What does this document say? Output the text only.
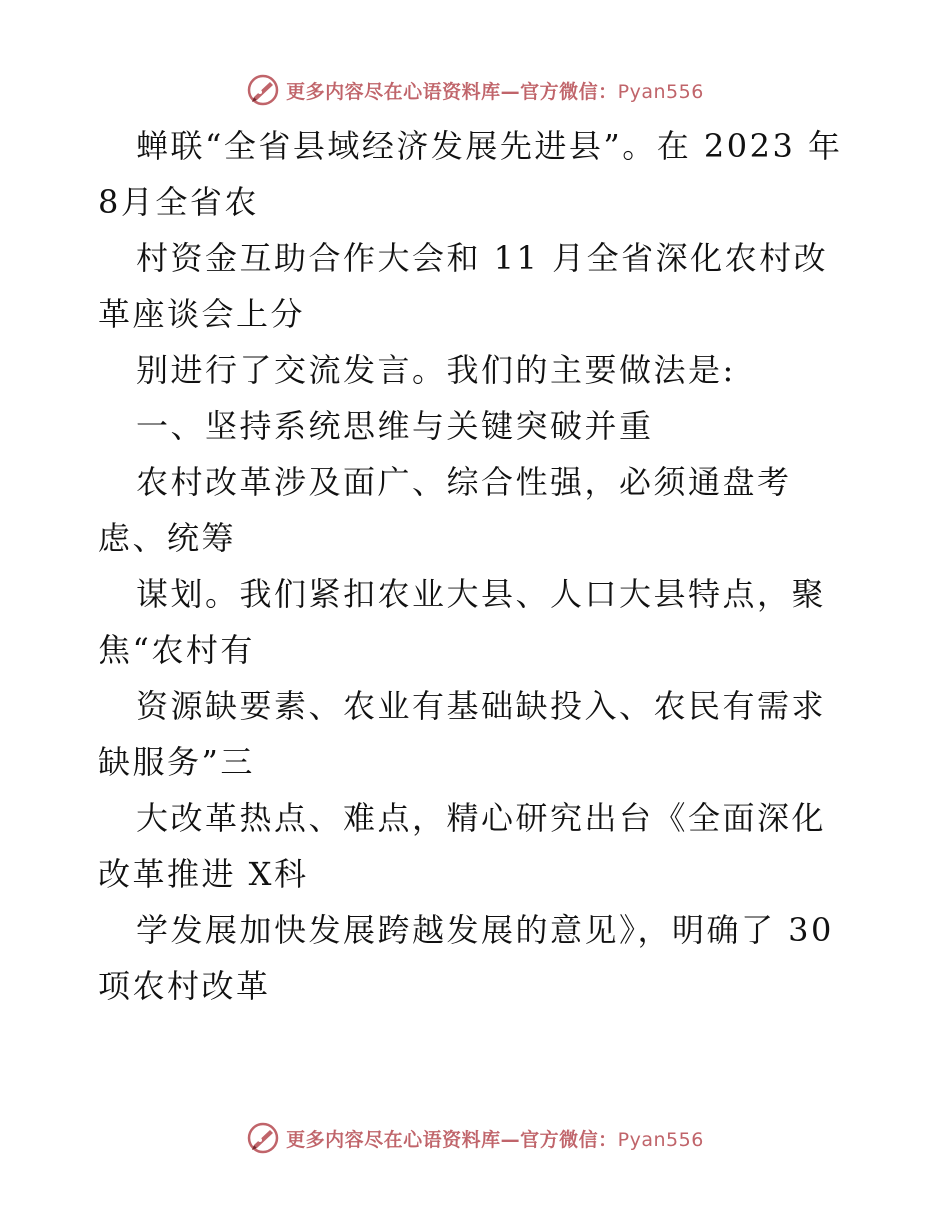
更多内容尽在心语资料库—官方微信：Pyan556

蝉联“全省县域经济发展先进县”。在 2023 年 8月全省农

村资金互助合作大会和 11 月全省深化农村改革座谈会上分

别进行了交流发言。我们的主要做法是:

一、坚持系统思维与关键突破并重

农村改革涉及面广、综合性强，必须通盘考虑、统筹

谋划。我们紧扣农业大县、人口大县特点，聚焦“农村有

资源缺要素、农业有基础缺投入、农民有需求缺服务”三

大改革热点、难点，精心研究出台《全面深化改革推进 X科

学发展加快发展跨越发展的意见》，明确了 30 项农村改革

更多内容尽在心语资料库—官方微信：Pyan556
